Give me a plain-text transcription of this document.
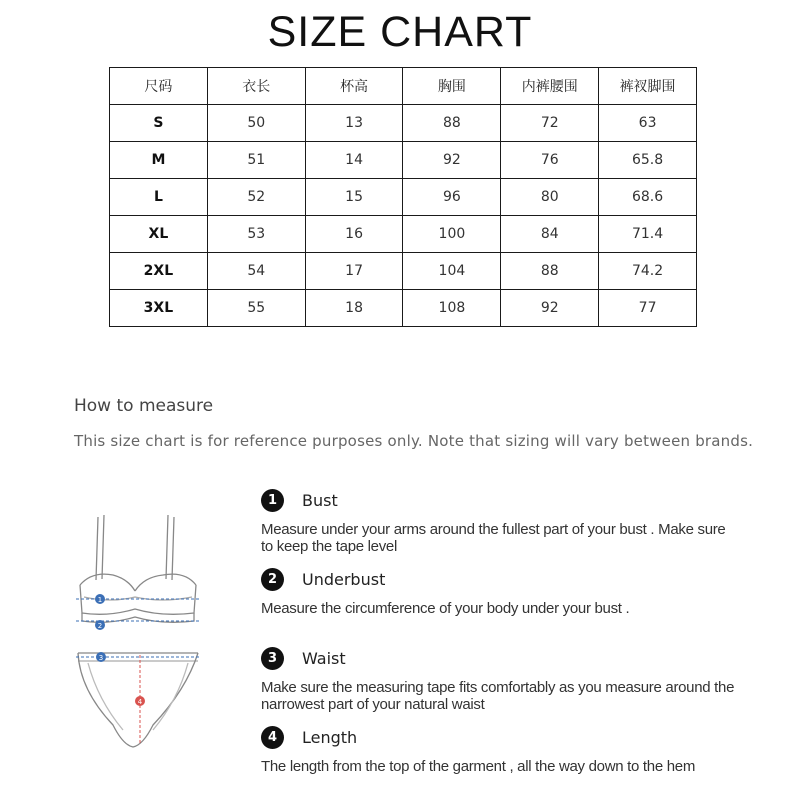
SIZE CHART
尺码	衣长	杯高	胸围	内裤腰围	裤衩脚围
S	50	13	88	72	63
M	51	14	92	76	65.8
L	52	15	96	80	68.6
XL	53	16	100	84	71.4
2XL	54	17	104	88	74.2
3XL	55	18	108	92	77
How to measure
This size chart is for reference purposes only. Note that sizing will vary between brands.
1
2
3
4
1	Bust
Measure under your arms around the fullest part of your bust . Make sure to keep the tape level
2	Underbust
Measure the circumference of your body under your bust .
3	Waist
Make sure the measuring tape fits comfortably as you measure around the narrowest part of your natural waist
4	Length
The length from the top of the garment , all the way down to the hem
